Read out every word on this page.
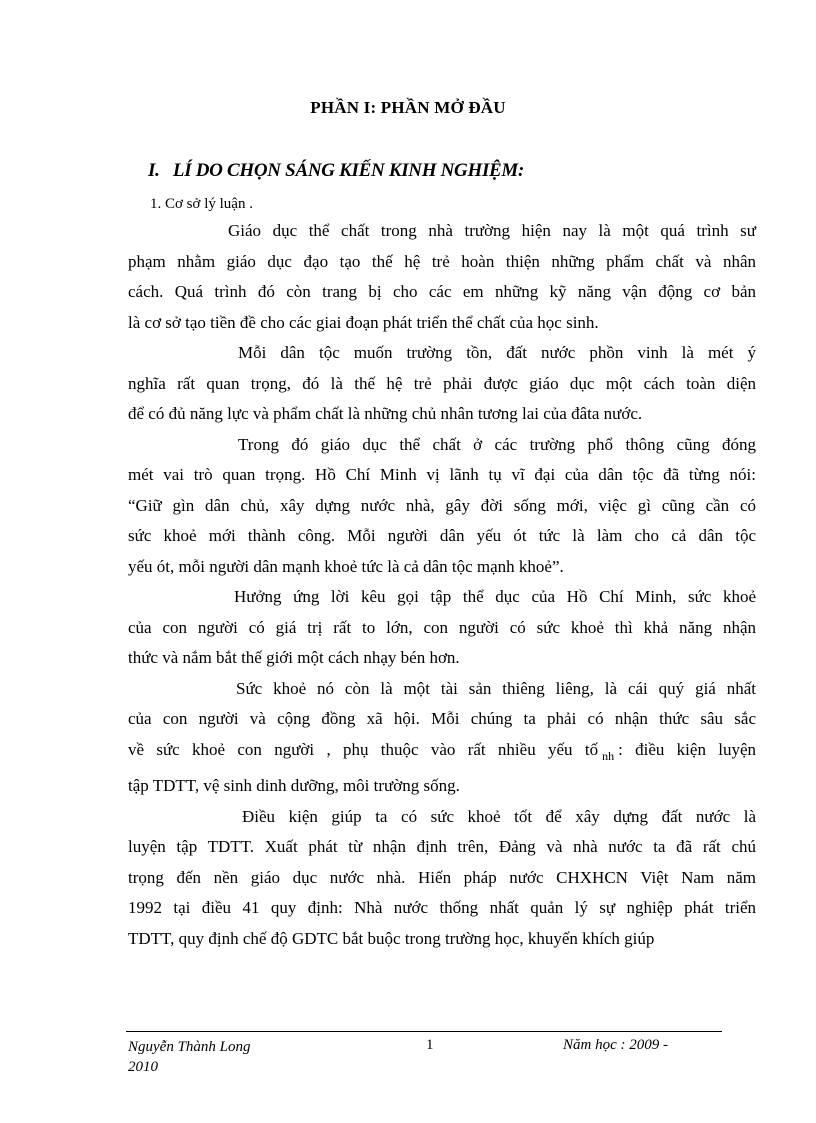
PHẦN I: PHẦN MỞ ĐẦU
I.   LÍ DO CHỌN SÁNG KIẾN KINH NGHIỆM:
1. Cơ sở lý luận .
Giáo dục thể chất trong nhà trường hiện nay là một quá trình sư
phạm nhằm giáo dục đạo tạo thế hệ trẻ hoàn thiện những phẩm chất và nhân
cách. Quá trình đó còn trang bị cho các em những kỹ năng vận động cơ bản
là cơ sở tạo tiền đề cho các giai đoạn phát triển thể chất của học sinh.
Mỗi dân tộc muốn trường tồn, đất nước phồn vinh là mét ý
nghĩa rất quan trọng, đó là thế hệ trẻ phải được giáo dục một cách toàn diện
để có đủ năng lực và phẩm chất là những chủ nhân tương lai của đâta nước.
Trong đó giáo dục thể chất ở các trường phổ thông cũng đóng
mét vai trò quan trọng. Hồ Chí Minh vị lãnh tụ vĩ đại của dân tộc đã từng nói:
“Giữ gìn dân chủ, xây dựng nước nhà, gây đời sống mới, việc gì cũng cần có
sức khoẻ mới thành công. Mỗi người dân yếu ót tức là làm cho cả dân tộc
yếu ót, mỗi người dân mạnh khoẻ tức là cả dân tộc mạnh khoẻ”.
Hưởng ứng lời kêu gọi tập thể dục của Hồ Chí Minh, sức khoẻ
của con người có giá trị rất to lớn, con người có sức khoẻ thì khả năng nhận
thức và nắm bắt thế giới một cách nhạy bén hơn.
Sức khoẻ nó còn là một tài sản thiêng liêng, là cái quý giá nhất
của con người và cộng đồng xã hội. Mỗi chúng ta phải có nhận thức sâu sắc
về sức khoẻ con người , phụ thuộc vào rất nhiều yếu tố $_{nh}$ : điều kiện luyện
tập TDTT, vệ sinh dinh dưỡng, môi trường sống.
Điều kiện giúp ta có sức khoẻ tốt để xây dựng đất nước là
luyện tập TDTT. Xuất phát từ nhận định trên, Đảng và nhà nước ta đã rất chú
trọng đến nền giáo dục nước nhà. Hiến pháp nước CHXHCN Việt Nam năm
1992 tại điều 41 quy định: Nhà nước thống nhất quản lý sự nghiệp phát triển
TDTT, quy định chế độ GDTC bắt buộc trong trường học, khuyến khích giúp
Nguyễn Thành Long
2010
1	Năm học : 2009 -
